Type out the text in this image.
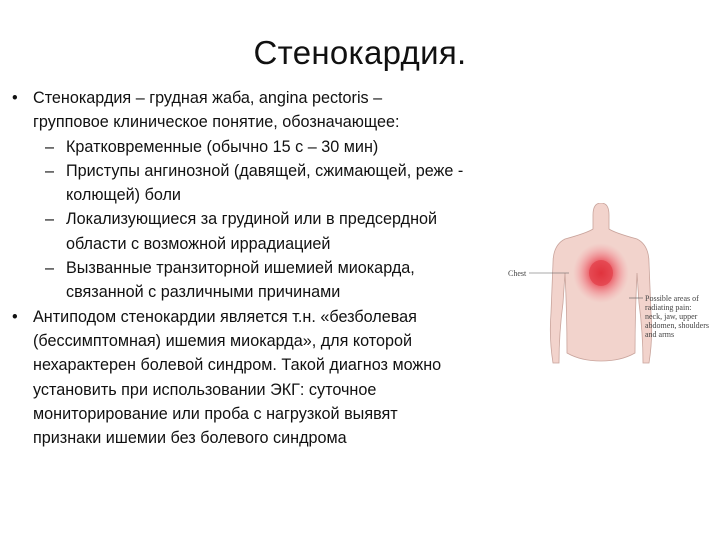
Стенокардия.
• Стенокардия – грудная жаба, angina pectoris –
групповое клиническое понятие, обозначающее:
– Кратковременные (обычно 15 с – 30 мин)
– Приступы ангинозной (давящей, сжимающей, реже -
колющей) боли
– Локализующиеся за грудиной или в предсердной
области с возможной иррадиацией
– Вызванные транзиторной ишемией миокарда,
связанной с различными причинами
• Антиподом стенокардии является т.н. «безболевая
(бессимптомная) ишемия миокарда», для которой
нехарактерен болевой синдром. Такой диагноз можно
установить при использовании ЭКГ: суточное
мониторирование или проба с нагрузкой выявят
признаки ишемии без болевого синдрома
Chest
Possible areas of
radiating pain:
neck, jaw, upper
abdomen, shoulders
and arms
